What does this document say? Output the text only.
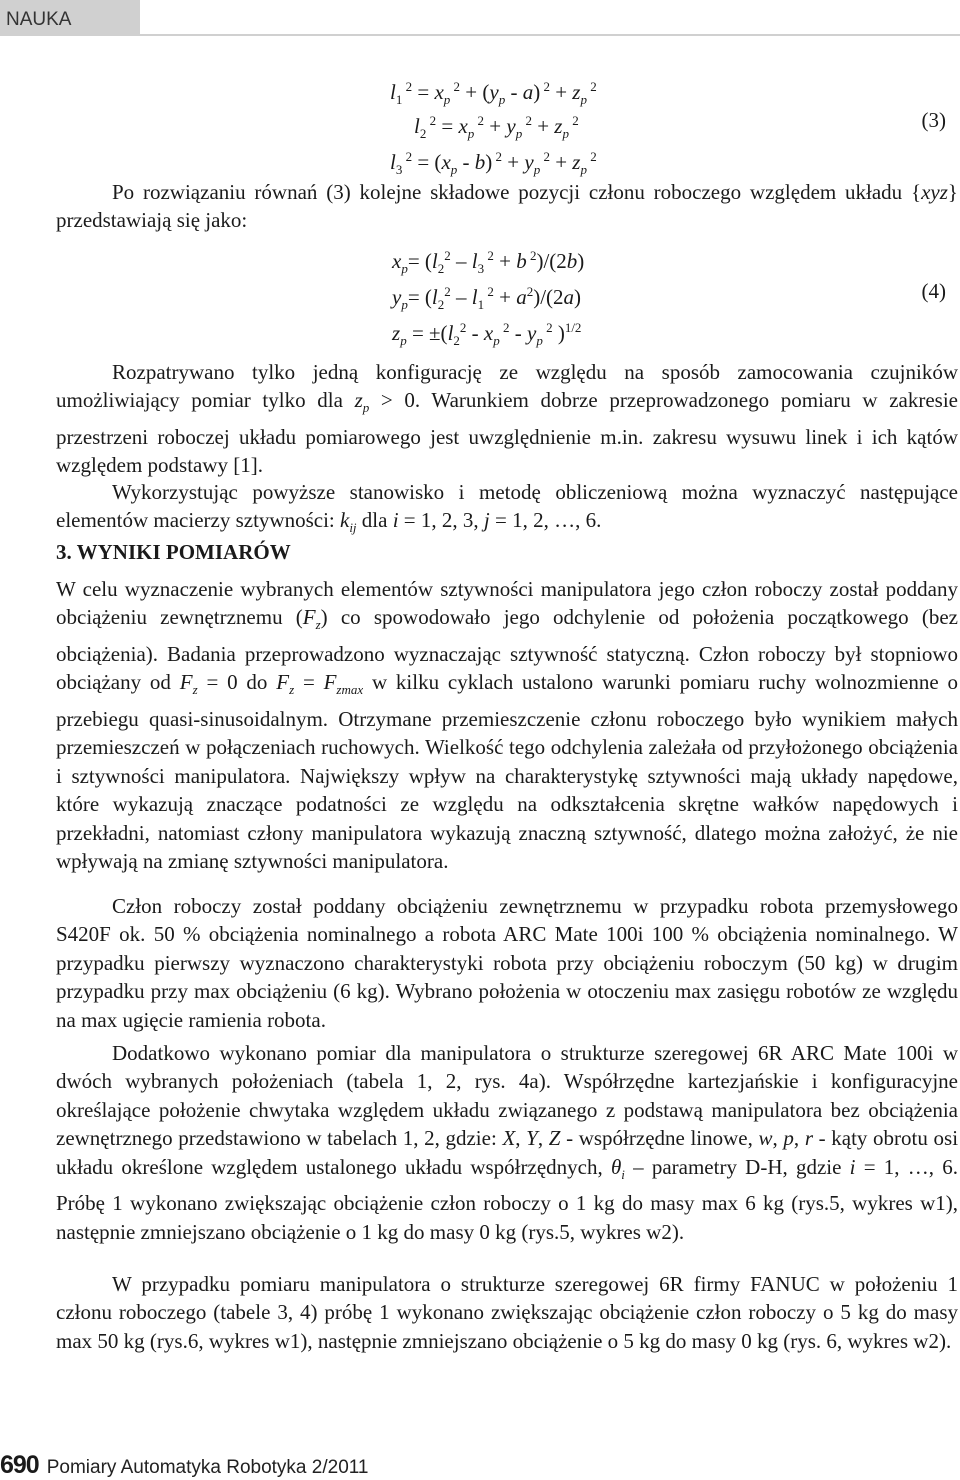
NAUKA
$l_1$ $^2 = x_p$ $^2 + (y_p - a) ^2 + z_p$ $^2$
$l_2$ $^2 = x_p$ $^2 + y_p$ $^2 + z_p$ $^2$
$l_3$ $^2 = (x_p - b) ^2 + y_p$ $^2 + z_p$ $^2$
(3)

Po rozwiązaniu równań (3) kolejne składowe pozycji członu roboczego względem układu {xyz} przedstawiają się jako:

$x_p= (l_2^2 - l_3$ $^2$ + b $^2$)/(2b)
$y_p= (l_2^2 - l_1$ $^2 + a^2)/(2a)$
$z_p = \pm(l_2^2 - x_p$ $^2 - y_p$ $^2$ )$^{1/2}$
(4)

Rozpatrywano tylko jedną konfigurację ze względu na sposób zamocowania czujników umożliwiający pomiar tylko dla $z_p > 0$. Warunkiem dobrze przeprowadzonego pomiaru w zakresie przestrzeni roboczej układu pomiarowego jest uwzględnienie m.in. zakresu wysuwu linek i ich kątów względem podstawy [1].

Wykorzystując powyższe stanowisko i metodę obliczeniową można wyznaczyć następujące elementów macierzy sztywności: $k_{ij}$ dla i = 1, 2, 3, j = 1, 2, …, 6.

3. WYNIKI POMIARÓW

W celu wyznaczenie wybranych elementów sztywności manipulatora jego człon roboczy został poddany obciążeniu zewnętrznemu $(F_z)$ co spowodowało jego odchylenie od położenia początkowego (bez obciążenia). Badania przeprowadzono wyznaczając sztywność statyczną. Człon roboczy był stopniowo obciążany od $F_z = 0$ do $F_z = F_{zmax}$ w kilku cyklach ustalono warunki pomiaru ruchy wolnozmienne o przebiegu quasi-sinusoidalnym. Otrzymane przemieszczenie członu roboczego było wynikiem małych przemieszczeń w połączeniach ruchowych. Wielkość tego odchylenia zależała od przyłożonego obciążenia i sztywności manipulatora. Największy wpływ na charakterystykę sztywności mają układy napędowe, które wykazują znaczące podatności ze względu na odkształcenia skrętne wałków napędowych i przekładni, natomiast człony manipulatora wykazują znaczną sztywność, dlatego można założyć, że nie wpływają na zmianę sztywności manipulatora.

Człon roboczy został poddany obciążeniu zewnętrznemu w przypadku robota przemysłowego S420F ok. 50 % obciążenia nominalnego a robota ARC Mate 100i 100 % obciążenia nominalnego. W przypadku pierwszy wyznaczono charakterystyki robota przy obciążeniu roboczym (50 kg) w drugim przypadku przy max obciążeniu (6 kg). Wybrano położenia w otoczeniu max zasięgu robotów ze względu na max ugięcie ramienia robota.

Dodatkowo wykonano pomiar dla manipulatora o strukturze szeregowej 6R ARC Mate 100i w dwóch wybranych położeniach (tabela 1, 2, rys. 4a). Współrzędne kartezjańskie i konfiguracyjne określające położenie chwytaka względem układu związanego z podstawą manipulatora bez obciążenia zewnętrznego przedstawiono w tabelach 1, 2, gdzie: X, Y, Z - współrzędne linowe, w, p, r - kąty obrotu osi układu określone względem ustalonego układu współrzędnych, $\theta_i$ – parametry D-H, gdzie i = 1, …, 6. Próbę 1 wykonano zwiększając obciążenie człon roboczy o 1 kg do masy max 6 kg (rys.5, wykres w1), następnie zmniejszano obciążenie o 1 kg do masy 0 kg (rys.5, wykres w2).

W przypadku pomiaru manipulatora o strukturze szeregowej 6R firmy FANUC w położeniu 1 członu roboczego (tabele 3, 4) próbę 1 wykonano zwiększając obciążenie człon roboczy o 5 kg do masy max 50 kg (rys.6, wykres w1), następnie zmniejszano obciążenie o 5 kg do masy 0 kg (rys. 6, wykres w2).

690 Pomiary Automatyka Robotyka 2/2011
